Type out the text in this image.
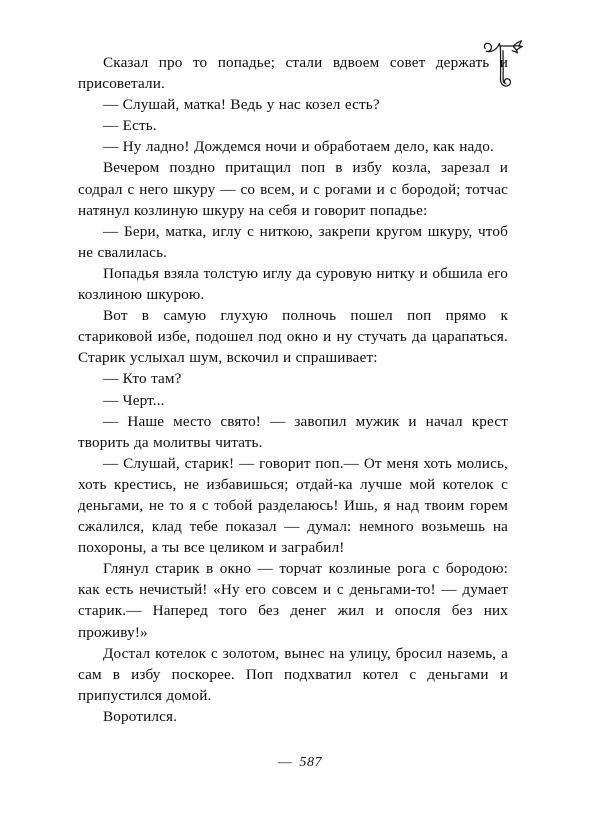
Сказал про то попадье; стали вдвоем совет держать и присоветали.

— Слушай, матка! Ведь у нас козел есть?

— Есть.

— Ну ладно! Дождемся ночи и обработаем дело, как надо.

Вечером поздно притащил поп в избу козла, зарезал и содрал с него шкуру — со всем, и с рогами и с бородой; тотчас натянул козлиную шкуру на себя и говорит попадье:

— Бери, матка, иглу с ниткою, закрепи кругом шкуру, чтоб не свалилась.

Попадья взяла толстую иглу да суровую нитку и обшила его козлиною шкурою.

Вот в самую глухую полночь пошел поп прямо к стариковой избе, подошел под окно и ну стучать да царапаться. Старик услыхал шум, вскочил и спрашивает:

— Кто там?

— Черт...

— Наше место свято! — завопил мужик и начал крест творить да молитвы читать.

— Слушай, старик! — говорит поп.— От меня хоть молись, хоть крестись, не избавишься; отдай-ка лучше мой котелок с деньгами, не то я с тобой разделаюсь! Ишь, я над твоим горем сжалился, клад тебе показал — думал: немного возьмешь на похороны, а ты все целиком и заграбил!

Глянул старик в окно — торчат козлиные рога с бородою: как есть нечистый! «Ну его совсем и с деньгами-то! — думает старик.— Наперед того без денег жил и опосля без них проживу!»

Достал котелок с золотом, вынес на улицу, бросил наземь, а сам в избу поскорее. Поп подхватил котел с деньгами и припустился домой.

Воротился.

— 587
